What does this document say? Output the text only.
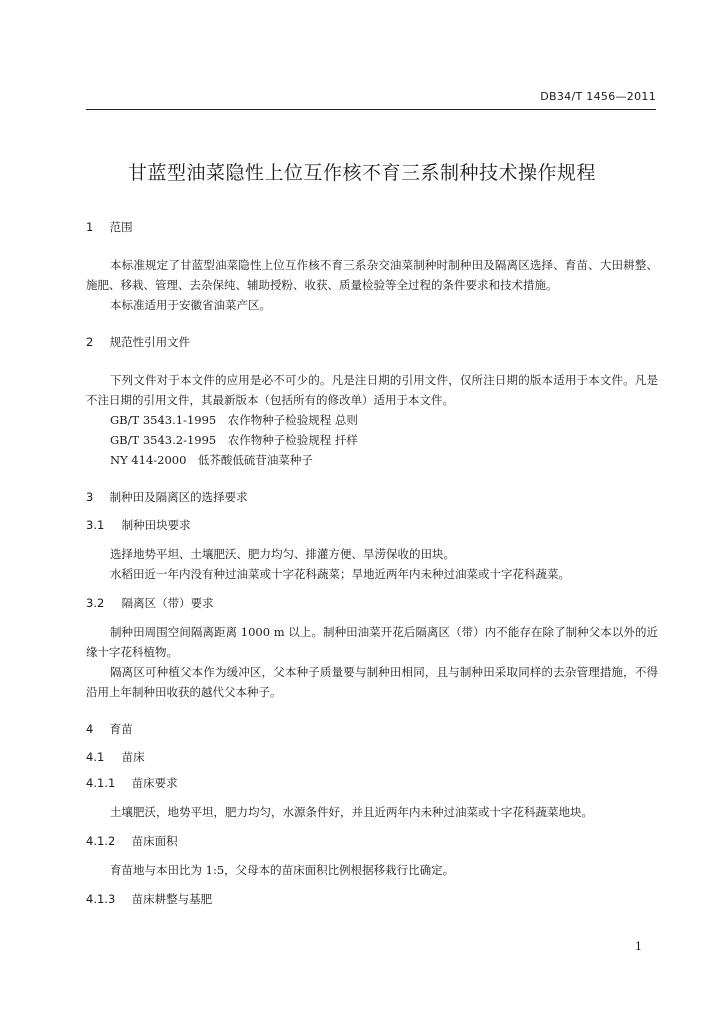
DB34/T 1456—2011
甘蓝型油菜隐性上位互作核不育三系制种技术操作规程
1 范围

本标准规定了甘蓝型油菜隐性上位互作核不育三系杂交油菜制种时制种田及隔离区选择、育苗、大田耕整、施肥、移栽、管理、去杂保纯、辅助授粉、收获、质量检验等全过程的条件要求和技术措施。

本标准适用于安徽省油菜产区。

2 规范性引用文件

下列文件对于本文件的应用是必不可少的。凡是注日期的引用文件，仅所注日期的版本适用于本文件。凡是不注日期的引用文件，其最新版本（包括所有的修改单）适用于本文件。

GB/T 3543.1-1995　农作物种子检验规程 总则

GB/T 3543.2-1995　农作物种子检验规程 扦样

NY 414-2000　低芥酸低硫苷油菜种子

3 制种田及隔离区的选择要求
3.1 制种田块要求

选择地势平坦、土壤肥沃、肥力均匀、排灌方便、旱涝保收的田块。

水稻田近一年内没有种过油菜或十字花科蔬菜；旱地近两年内未种过油菜或十字花科蔬菜。

3.2 隔离区（带）要求

制种田周围空间隔离距离 1000 m 以上。制种田油菜开花后隔离区（带）内不能存在除了制种父本以外的近缘十字花科植物。

隔离区可种植父本作为缓冲区，父本种子质量要与制种田相同，且与制种田采取同样的去杂管理措施，不得沿用上年制种田收获的越代父本种子。

4 育苗
4.1 苗床
4.1.1 苗床要求

土壤肥沃，地势平坦，肥力均匀，水源条件好，并且近两年内未种过油菜或十字花科蔬菜地块。

4.1.2 苗床面积

育苗地与本田比为 1:5，父母本的苗床面积比例根据移栽行比确定。

4.1.3 苗床耕整与基肥
1
